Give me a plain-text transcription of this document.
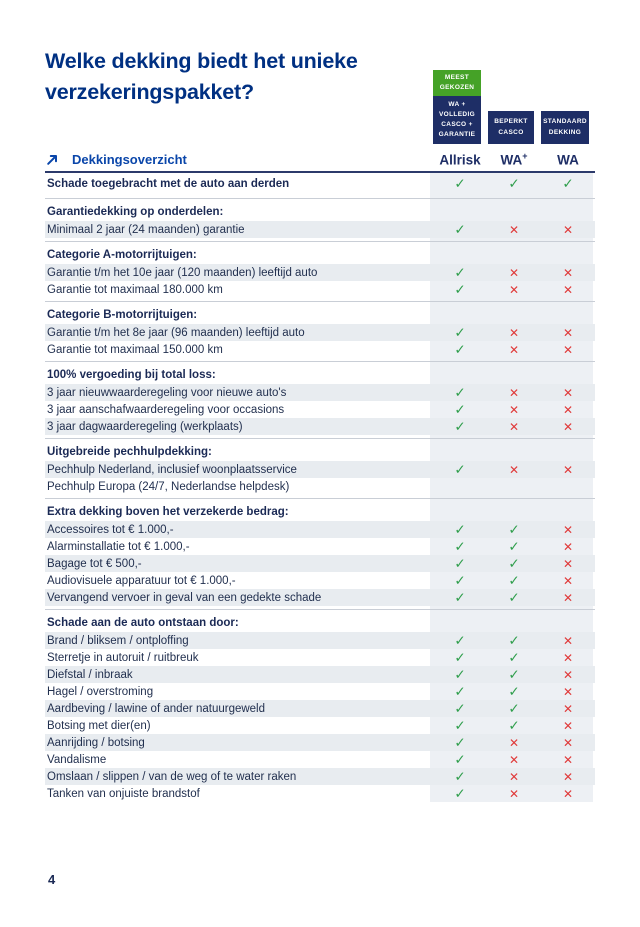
Welke dekking biedt het unieke
verzekeringspakket?
MEEST GEKOZEN
WA + VOLLEDIG CASCO + GARANTIE
BEPERKT CASCO
STANDAARD DEKKING
Dekkingsoverzicht	Allrisk	WA+	WA
Schade toegebracht met de auto aan derden	✓	✓	✓
Garantiedekking op onderdelen:
Minimaal 2 jaar (24 maanden) garantie	✓	✕	✕
Categorie A-motorrijtuigen:
Garantie t/m het 10e jaar (120 maanden) leeftijd auto	✓	✕	✕
Garantie tot maximaal 180.000 km	✓	✕	✕
Categorie B-motorrijtuigen:
Garantie t/m het 8e jaar (96 maanden) leeftijd auto	✓	✕	✕
Garantie tot maximaal 150.000 km	✓	✕	✕
100% vergoeding bij total loss:
3 jaar nieuwwaarderegeling voor nieuwe auto's	✓	✕	✕
3 jaar aanschafwaarderegeling voor occasions	✓	✕	✕
3 jaar dagwaarderegeling (werkplaats)	✓	✕	✕
Uitgebreide pechhulpdekking:
Pechhulp Nederland, inclusief woonplaatsservice	✓	✕	✕
Pechhulp Europa (24/7, Nederlandse helpdesk)
Extra dekking boven het verzekerde bedrag:
Accessoires tot € 1.000,-	✓	✓	✕
Alarminstallatie tot € 1.000,-	✓	✓	✕
Bagage tot € 500,-	✓	✓	✕
Audiovisuele apparatuur tot € 1.000,-	✓	✓	✕
Vervangend vervoer in geval van een gedekte schade	✓	✓	✕
Schade aan de auto ontstaan door:
Brand / bliksem / ontploffing	✓	✓	✕
Sterretje in autoruit / ruitbreuk	✓	✓	✕
Diefstal / inbraak	✓	✓	✕
Hagel / overstroming	✓	✓	✕
Aardbeving / lawine of ander natuurgeweld	✓	✓	✕
Botsing met dier(en)	✓	✓	✕
Aanrijding / botsing	✓	✕	✕
Vandalisme	✓	✕	✕
Omslaan / slippen / van de weg of te water raken	✓	✕	✕
Tanken van onjuiste brandstof	✓	✕	✕
4
